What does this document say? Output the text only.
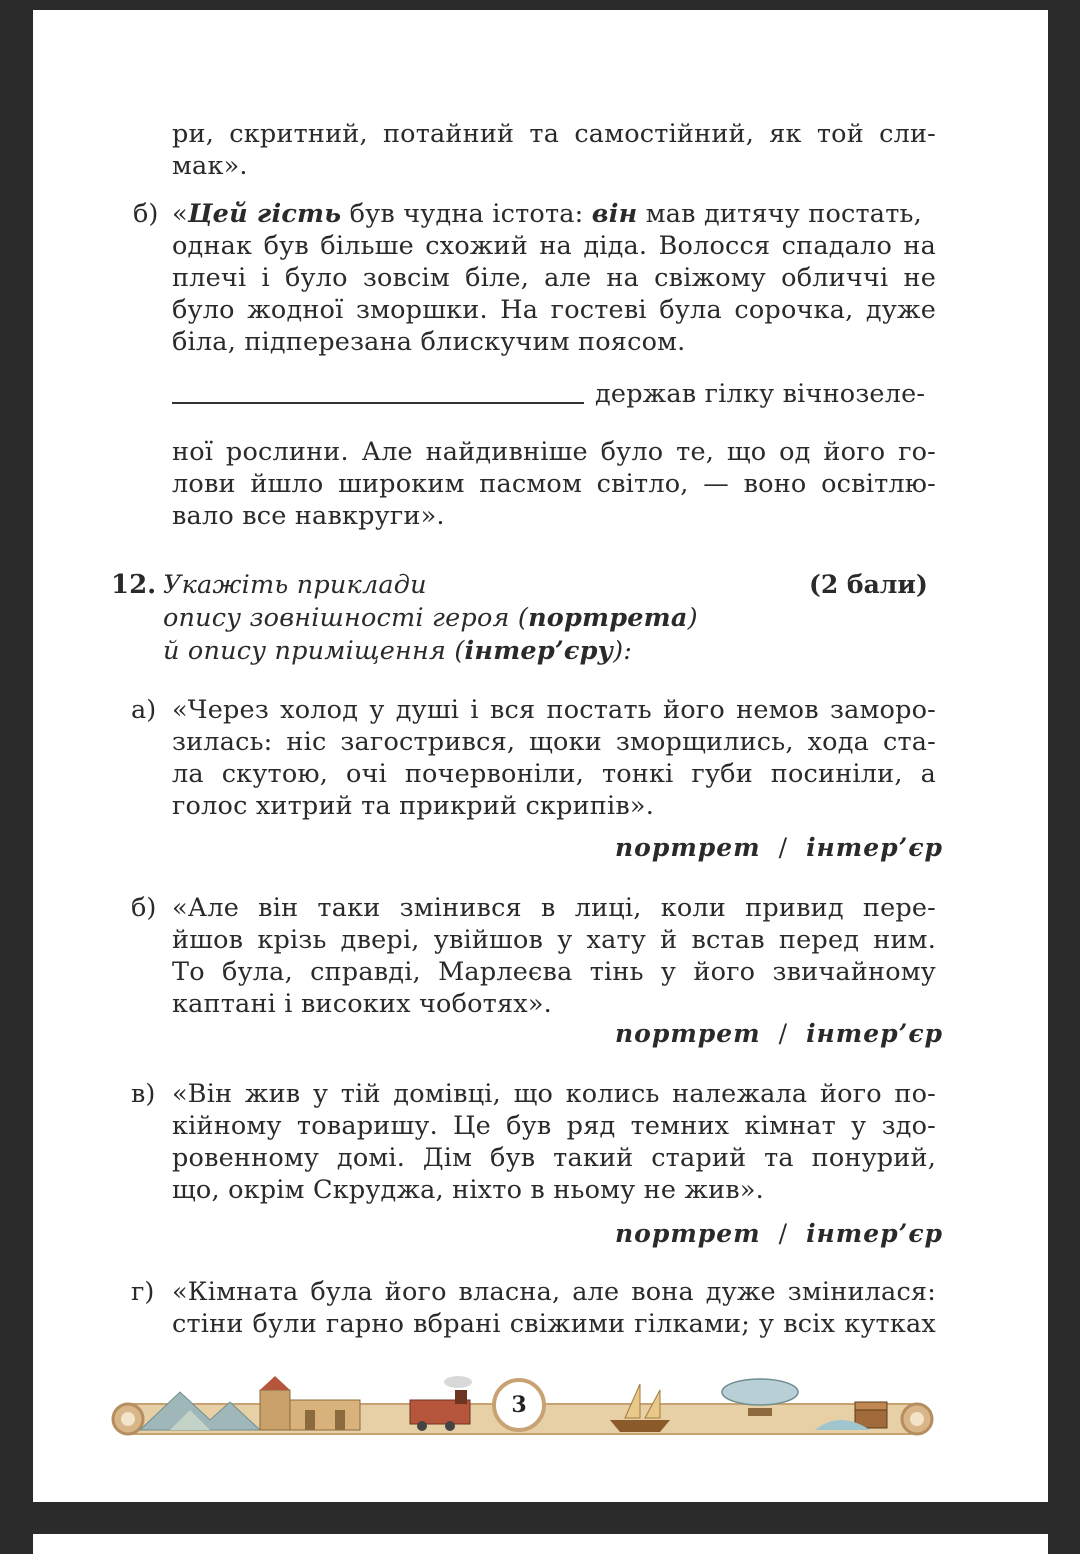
ри, скритний, потайний та самостійний, як той сли-
мак».
б) «Цей гість був чудна істота: він мав дитячу постать,
однак був більше схожий на діда. Волосся спадало на
плечі і було зовсім біле, але на свіжому обличчі не
було жодної зморшки. На гостеві була сорочка, дуже
біла, підперезана блискучим поясом.
держав гілку вічнозеле-
ної рослини. Але найдивніше було те, що од його го-
лови йшло широким пасмом світло, — воно освітлю-
вало все навкруги».
12. Укажіть приклади	(2 бали)
опису зовнішності героя (портрета)
й опису приміщення (інтер’єру):
а) «Через холод у душі і вся постать його немов заморо-
зилась: ніс загострився, щоки зморщились, хода ста-
ла скутою, очі почервоніли, тонкі губи посиніли, а
голос хитрий та прикрий скрипів».
портрет / інтер’єр
б) «Але він таки змінився в лиці, коли привид пере-
йшов крізь двері, увійшов у хату й встав перед ним.
То була, справді, Марлеєва тінь у його звичайному
каптані і високих чоботях».
портрет / інтер’єр
в) «Він жив у тій домівці, що колись належала його по-
кійному товаришу. Це був ряд темних кімнат у здо-
ровенному домі. Дім був такий старий та понурий,
що, окрім Скруджа, ніхто в ньому не жив».
портрет / інтер’єр
г) «Кімната була його власна, але вона дуже змінилася:
стіни були гарно вбрані свіжими гілками; у всіх кутках
3
